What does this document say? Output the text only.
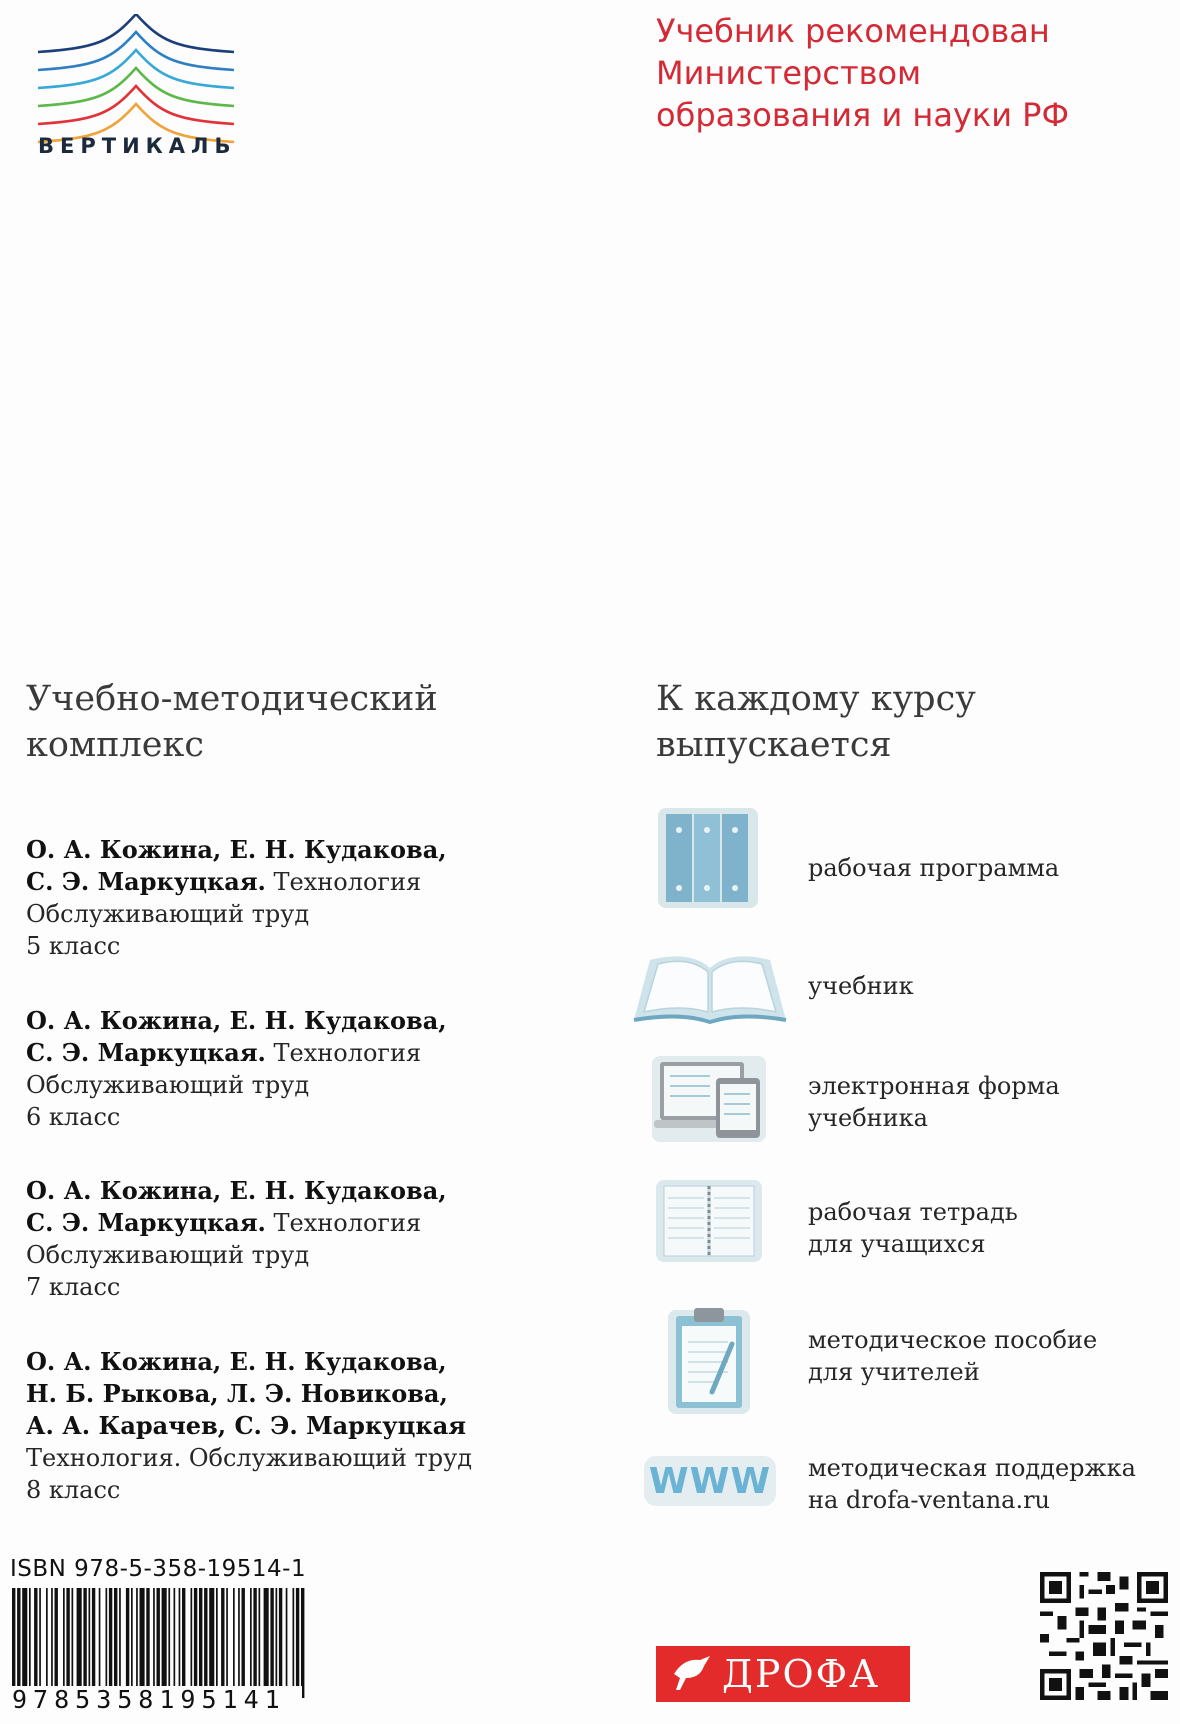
ВЕРТИКАЛЬ
Учебник рекомендован
Министерством
образования и науки РФ
Учебно-методический
комплекс
О. А. Кожина, Е. Н. Кудакова,
С. Э. Маркуцкая. Технология
Обслуживающий труд
5 класс
О. А. Кожина, Е. Н. Кудакова,
С. Э. Маркуцкая. Технология
Обслуживающий труд
6 класс
О. А. Кожина, Е. Н. Кудакова,
С. Э. Маркуцкая. Технология
Обслуживающий труд
7 класс
О. А. Кожина, Е. Н. Кудакова,
Н. Б. Рыкова, Л. Э. Новикова,
А. А. Карачев, С. Э. Маркуцкая
Технология. Обслуживающий труд
8 класс
К каждому курсу
выпускается
рабочая программа
учебник
электронная форма
учебника
рабочая тетрадь
для учащихся
методическое пособие
для учителей
WWW методическая поддержка
на drofa-ventana.ru
ISBN 978-5-358-19514-1
9785358195141
ДРОФА
